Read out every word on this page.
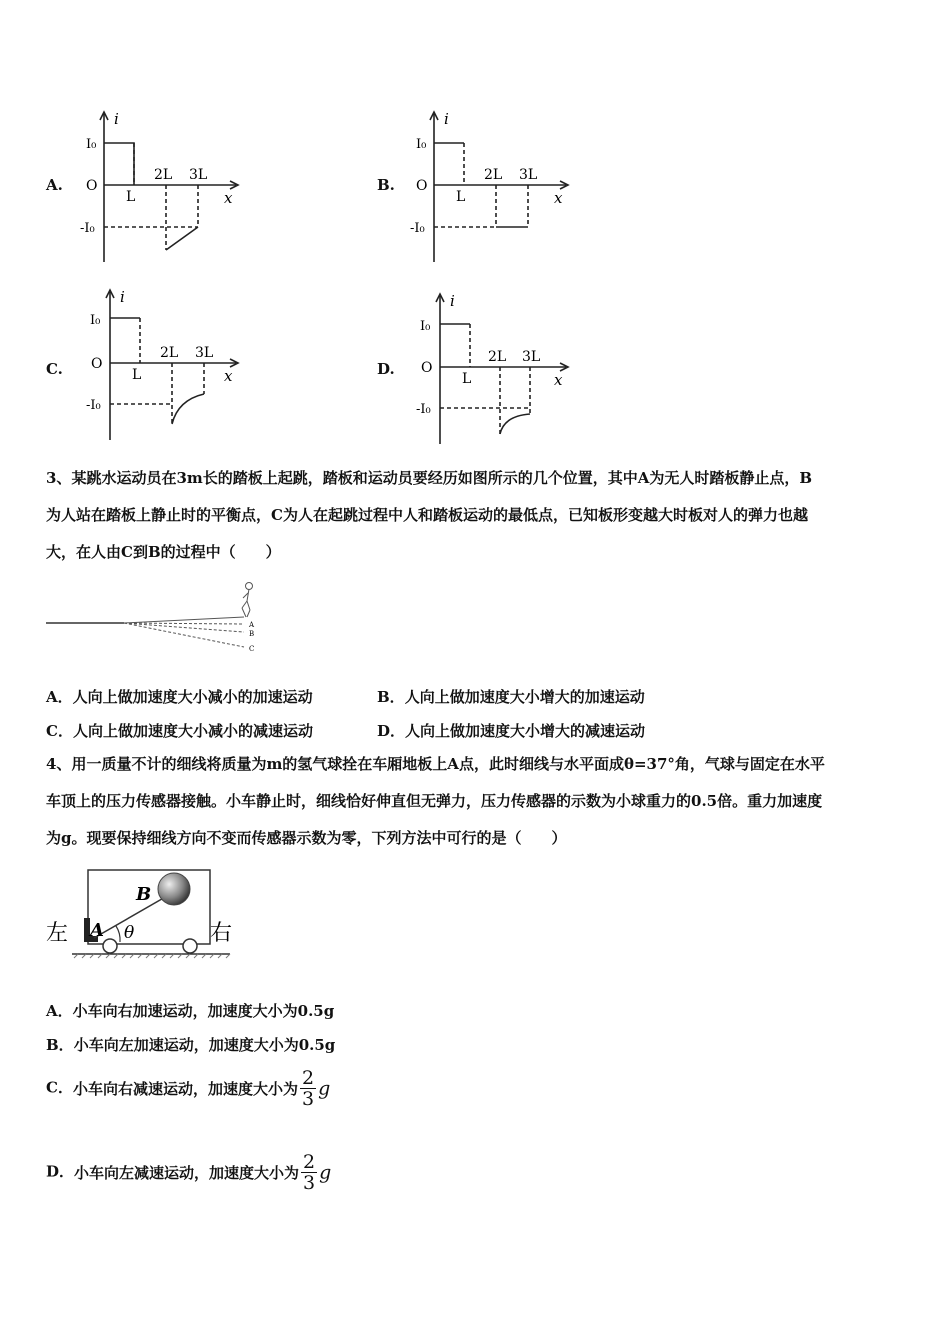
A.	B.
C.	D.
i
I₀
O
-I₀
L
2L 3L
x
i
I₀
O
-I₀
L
2L 3L
x
i
I₀
O
-I₀
L
2L 3L
x
i
I₀
O
-I₀
L
2L 3L
x
3、某跳水运动员在3m长的踏板上起跳，踏板和运动员要经历如图所示的几个位置，其中A为无人时踏板静止点，B
为人站在踏板上静止时的平衡点，C为人在起跳过程中人和踏板运动的最低点，已知板形变越大时板对人的弹力也越
大，在人由C到B的过程中（　　）
A
B
C
A．人向上做加速度大小减小的加速运动	B．人向上做加速度大小增大的加速运动
C．人向上做加速度大小减小的减速运动	D．人向上做加速度大小增大的减速运动
4、用一质量不计的细线将质量为m的氢气球拴在车厢地板上A点，此时细线与水平面成θ=37°角，气球与固定在水平
车顶上的压力传感器接触。小车静止时，细线恰好伸直但无弹力，压力传感器的示数为小球重力的0.5倍。重力加速度
为g。现要保持细线方向不变而传感器示数为零，下列方法中可行的是（　　）
左	右
A
B
θ
A．小车向右加速运动，加速度大小为0.5g
B．小车向左加速运动，加速度大小为0.5g
C．小车向右减速运动，加速度大小为 $\frac{2}{3}$ g
D．小车向左减速运动，加速度大小为 $\frac{2}{3}$ g
